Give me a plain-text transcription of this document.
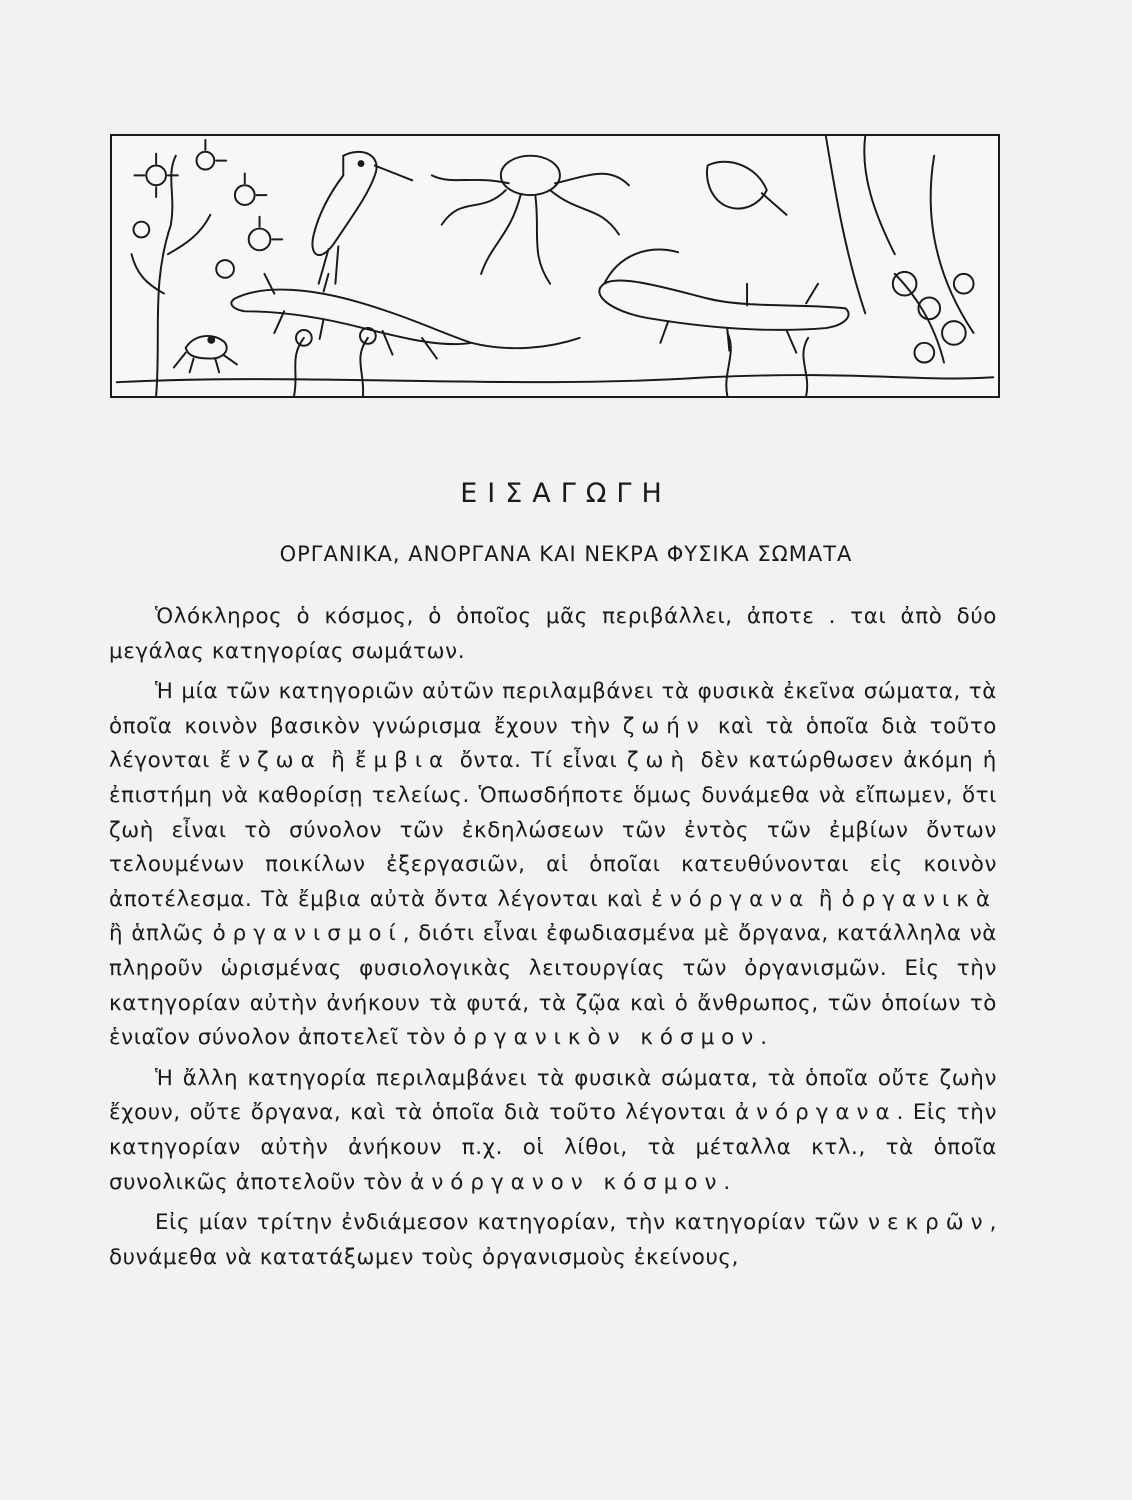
ΕΙΣΑΓΩΓΗ
ΟΡΓΑΝΙΚΑ, ΑΝΟΡΓΑΝΑ ΚΑΙ ΝΕΚΡΑ ΦΥΣΙΚΑ ΣΩΜΑΤΑ

Ὁλόκληρος ὁ κόσμος, ὁ ὁποῖος μᾶς περιβάλλει, ἀποτε . ται ἀπὸ δύο μεγάλας κατηγορίας σωμάτων.

Ἡ μία τῶν κατηγοριῶν αὐτῶν περιλαμβάνει τὰ φυσικὰ ἐκεῖνα σώματα, τὰ ὁποῖα κοινὸν βασικὸν γνώρισμα ἔχουν τὴν ζωήν καὶ τὰ ὁποῖα διὰ τοῦτο λέγονται ἔνζωα ἢ ἔμβια ὄντα. Τί εἶναι ζωὴ δὲν κατώρθωσεν ἀκόμη ἡ ἐπιστήμη νὰ καθορίσῃ τελείως. Ὁπωσδήποτε ὅμως δυνάμεθα νὰ εἴπωμεν, ὅτι ζωὴ εἶναι τὸ σύνολον τῶν ἐκδηλώσεων τῶν ἐντὸς τῶν ἐμβίων ὄντων τελουμένων ποικίλων ἐξεργασιῶν, αἱ ὁποῖαι κατευθύνονται εἰς κοινὸν ἀποτέλεσμα. Τὰ ἔμβια αὐτὰ ὄντα λέγονται καὶ ἐνόργανα ἢ ὀργανικὰ ἢ ἁπλῶς ὀργανισμοί, διότι εἶναι ἐφωδιασμένα μὲ ὄργανα, κατάλληλα νὰ πληροῦν ὡρισμένας φυσιολογικὰς λειτουργίας τῶν ὀργανισμῶν. Εἰς τὴν κατηγορίαν αὐτὴν ἀνήκουν τὰ φυτά, τὰ ζῷα καὶ ὁ ἄνθρωπος, τῶν ὁποίων τὸ ἑνιαῖον σύνολον ἀποτελεῖ τὸν ὀργανικὸν κόσμον.

Ἡ ἄλλη κατηγορία περιλαμβάνει τὰ φυσικὰ σώματα, τὰ ὁποῖα οὔτε ζωὴν ἔχουν, οὔτε ὄργανα, καὶ τὰ ὁποῖα διὰ τοῦτο λέγονται ἀνόργανα. Εἰς τὴν κατηγορίαν αὐτὴν ἀνήκουν π.χ. οἱ λίθοι, τὰ μέταλλα κτλ., τὰ ὁποῖα συνολικῶς ἀποτελοῦν τὸν ἀνόργανον κόσμον.

Εἰς μίαν τρίτην ἐνδιάμεσον κατηγορίαν, τὴν κατηγορίαν τῶν νεκρῶν, δυνάμεθα νὰ κατατάξωμεν τοὺς ὀργανισμοὺς ἐκείνους,
